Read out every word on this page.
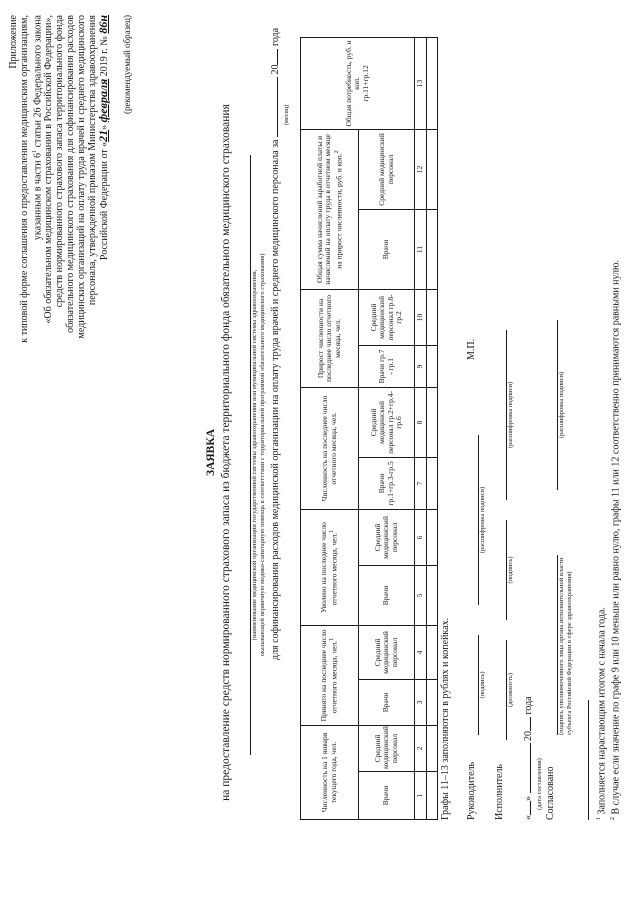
Приложение к типовой форме соглашения о предоставлении медицинским организациям, указанным в части $6^1$ статьи 26 Федерального закона «Об обязательном медицинском страховании в Российской Федерации», средств нормированного страхового запаса территориального фонда обязательного медицинского страхования для софинансирования расходов медицинских организаций на оплату труда врачей и среднего медицинского персонала, утвержденной приказом Министерства здравоохранения Российской Федерации от «21» февраля 2019 г. № 86н (рекомендуемый образец)
ЗАЯВКА на предоставление средств нормированного страхового запаса из бюджета территориального фонда обязательного медицинского страхования	(наименование медицинской организации государственной системы здравоохранения или муниципальной системы здравоохранения, оказывающей первичную медико-санитарную помощь в соответствии с территориальной программой обязательного медицинского страхования) для софинансирования расходов медицинской организации на оплату труда врачей и среднего медицинского персонала за  20 года
(месяц)
Численность на 1 января текущего года, чел.		Принято на последнее число отчетного месяца, чел.$^1$		Уволено на последнее число отчетного месяца, чел.$^1$		Численность на последнее число отчетного месяца, чел.		Прирост численности на последнее число отчетного месяца, чел.		Общая сумма начислений заработной платы и начислений на оплату труда в отчетном месяце на прирост численности, руб. и коп.$^2$		Общая потребность, руб. и коп.
гр.11+гр.12
Врачи	Средний медицинский персонал	Врачи	Средний медицинский персонал	Врачи	Средний медицинский персонал	Врачи гр.1+гр.3-гр.5	Средний медицинский персонал гр.2+гр.4-гр.6	Врачи гр.7 - гр.1	Средний медицинский персонал гр.8-гр.2	Врачи	Средний медицинский персонал	
1	2	3	4	5	6	7	8	9	10	11	12	13

Графы 11–13 заполняются в рублях и копейках. Руководитель
(подпись)
(расшифровка подписи)
М.П.
Исполнитель
(должность)
(подпись)
(расшифровка подписи)
«»  20 года
(дата составления) Согласовано
(подпись уполномоченного лица органа исполнительной власти субъекта Российской Федерации в сфере здравоохранения)
(расшифровка подписи)
$^1$ Заполняется нарастающим итогом с начала года.
$^2$ В случае если значение по графе 9 или 10 меньше или равно нулю, графы 11 или 12 соответственно принимаются равными нулю.
